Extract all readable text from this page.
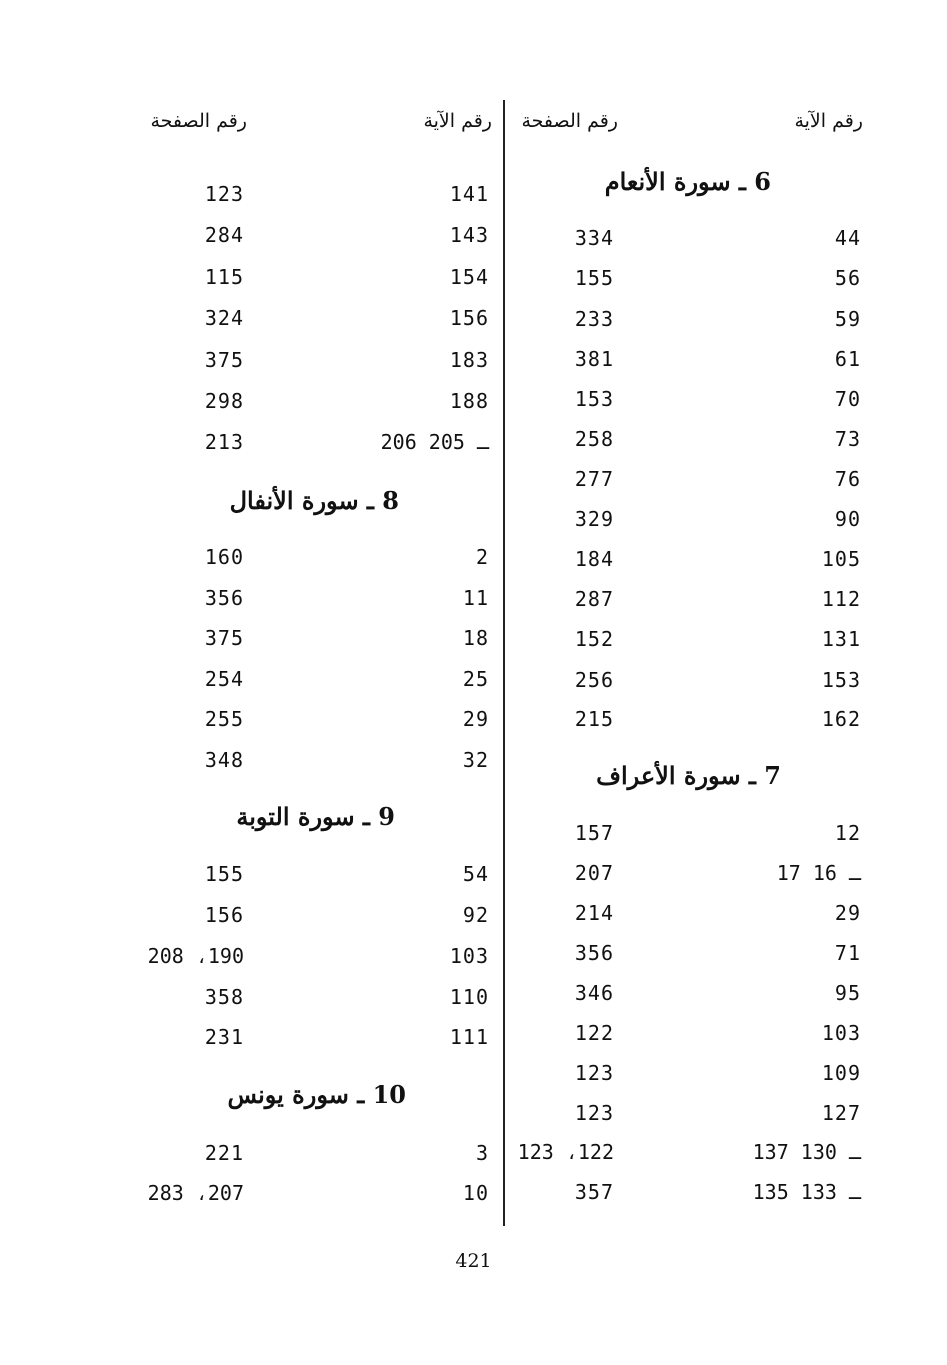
رقم الآية
رقم الصفحة
رقم الآية
رقم الصفحة
6 ـ سورة الأنعام
44
334
56
155
59
233
61
381
70
153
73
258
76
277
90
329
105
184
112
287
131
152
153
256
162
215
7 ـ سورة الأعراف
12
157
17 ـ 16
207
29
214
71
356
95
346
103
122
109
123
127
123
137 ـ 130
123 ،122
135 ـ 133
357
141
123
143
284
154
115
156
324
183
375
188
298
206 ـ 205
213
8 ـ سورة الأنفال
2
160
11
356
18
375
25
254
29
255
32
348
9 ـ سورة التوبة
54
155
92
156
103
208 ،190
110
358
111
231
10 ـ سورة يونس
3
221
10
283 ،207
421
